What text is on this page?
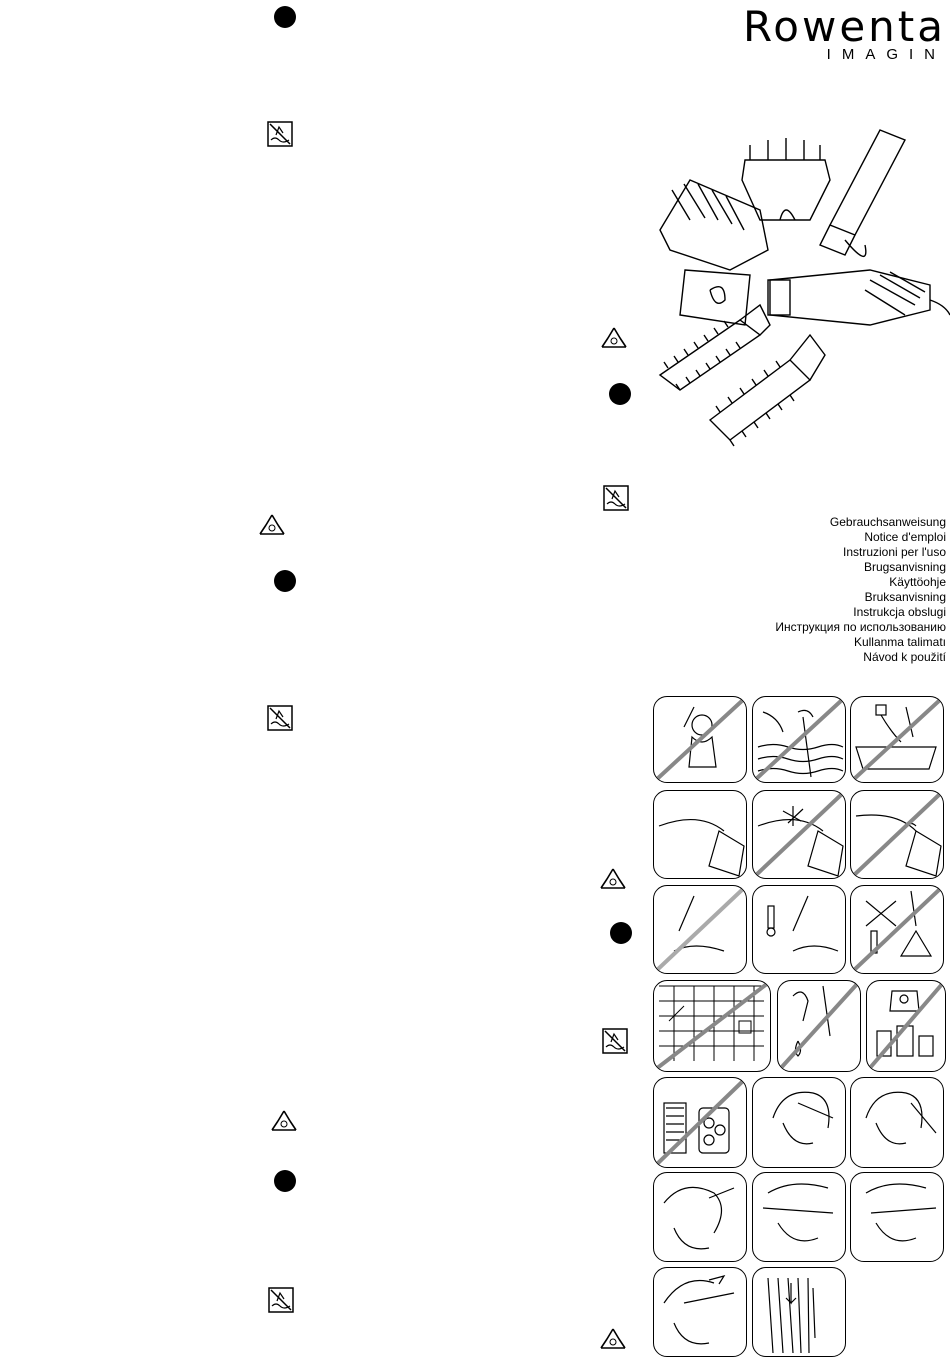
Rowenta
IMAGIN
Gebrauchsanweisung
Notice d'emploi
Instruzioni per l'uso
Brugsanvisning
Käyttöohje
Bruksanvisning
Instrukcja obslugi
Инструкция по использованию
Kullanma talimatı
Návod k použití
